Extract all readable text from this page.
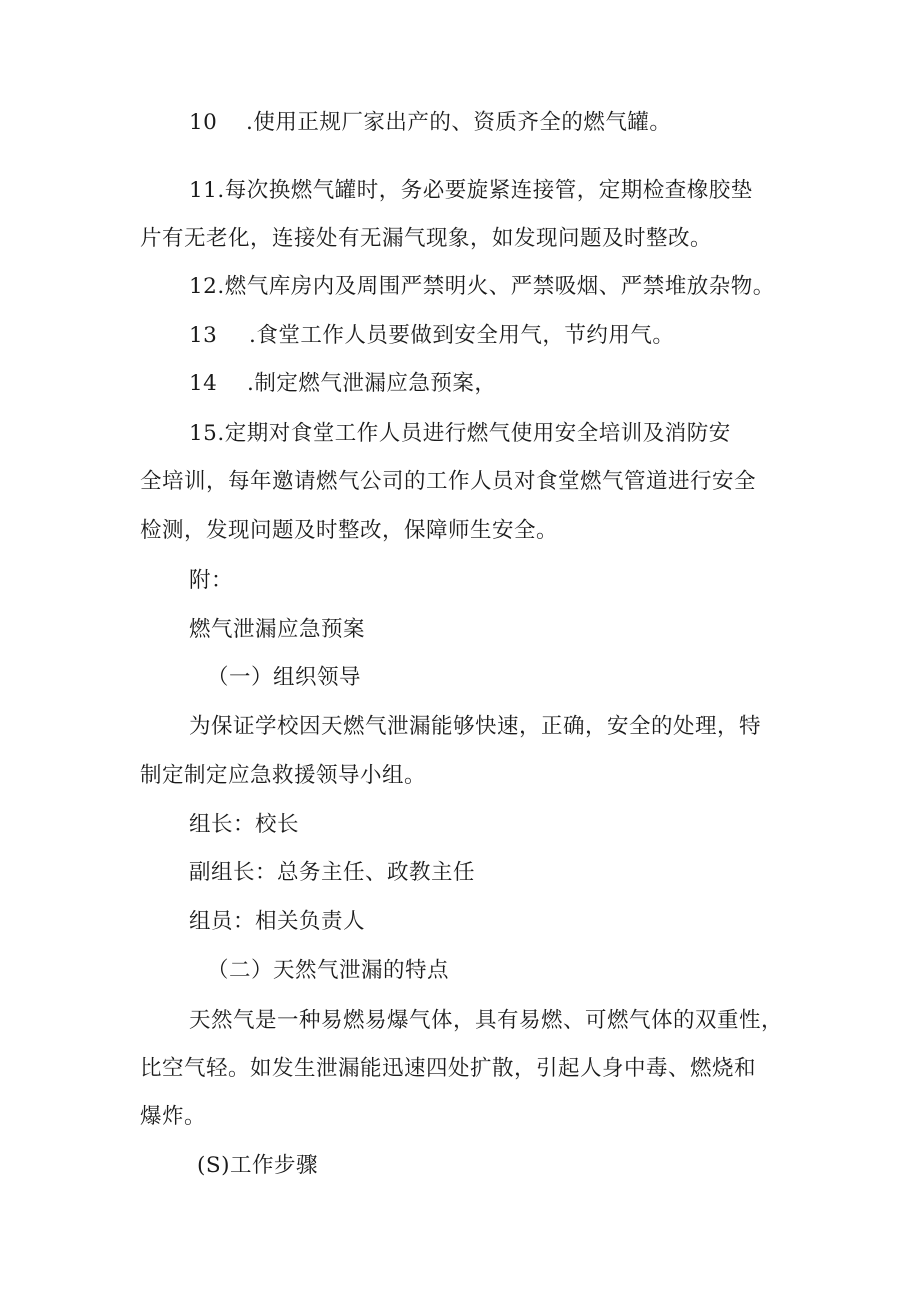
10 .使用正规厂家出产的、资质齐全的燃气罐。
11.每次换燃气罐时，务必要旋紧连接管，定期检查橡胶垫
片有无老化，连接处有无漏气现象，如发现问题及时整改。
12.燃气库房内及周围严禁明火、严禁吸烟、严禁堆放杂物。
13 .食堂工作人员要做到安全用气，节约用气。
14 .制定燃气泄漏应急预案，
15.定期对食堂工作人员进行燃气使用安全培训及消防安
全培训，每年邀请燃气公司的工作人员对食堂燃气管道进行安全
检测，发现问题及时整改，保障师生安全。
附：
燃气泄漏应急预案
（一）组织领导
为保证学校因天燃气泄漏能够快速，正确，安全的处理，特
制定制定应急救援领导小组。
组长：校长
副组长：总务主任、政教主任
组员：相关负责人
（二）天然气泄漏的特点
天然气是一种易燃易爆气体，具有易燃、可燃气体的双重性，
比空气轻。如发生泄漏能迅速四处扩散，引起人身中毒、燃烧和
爆炸。
(S)工作步骤
